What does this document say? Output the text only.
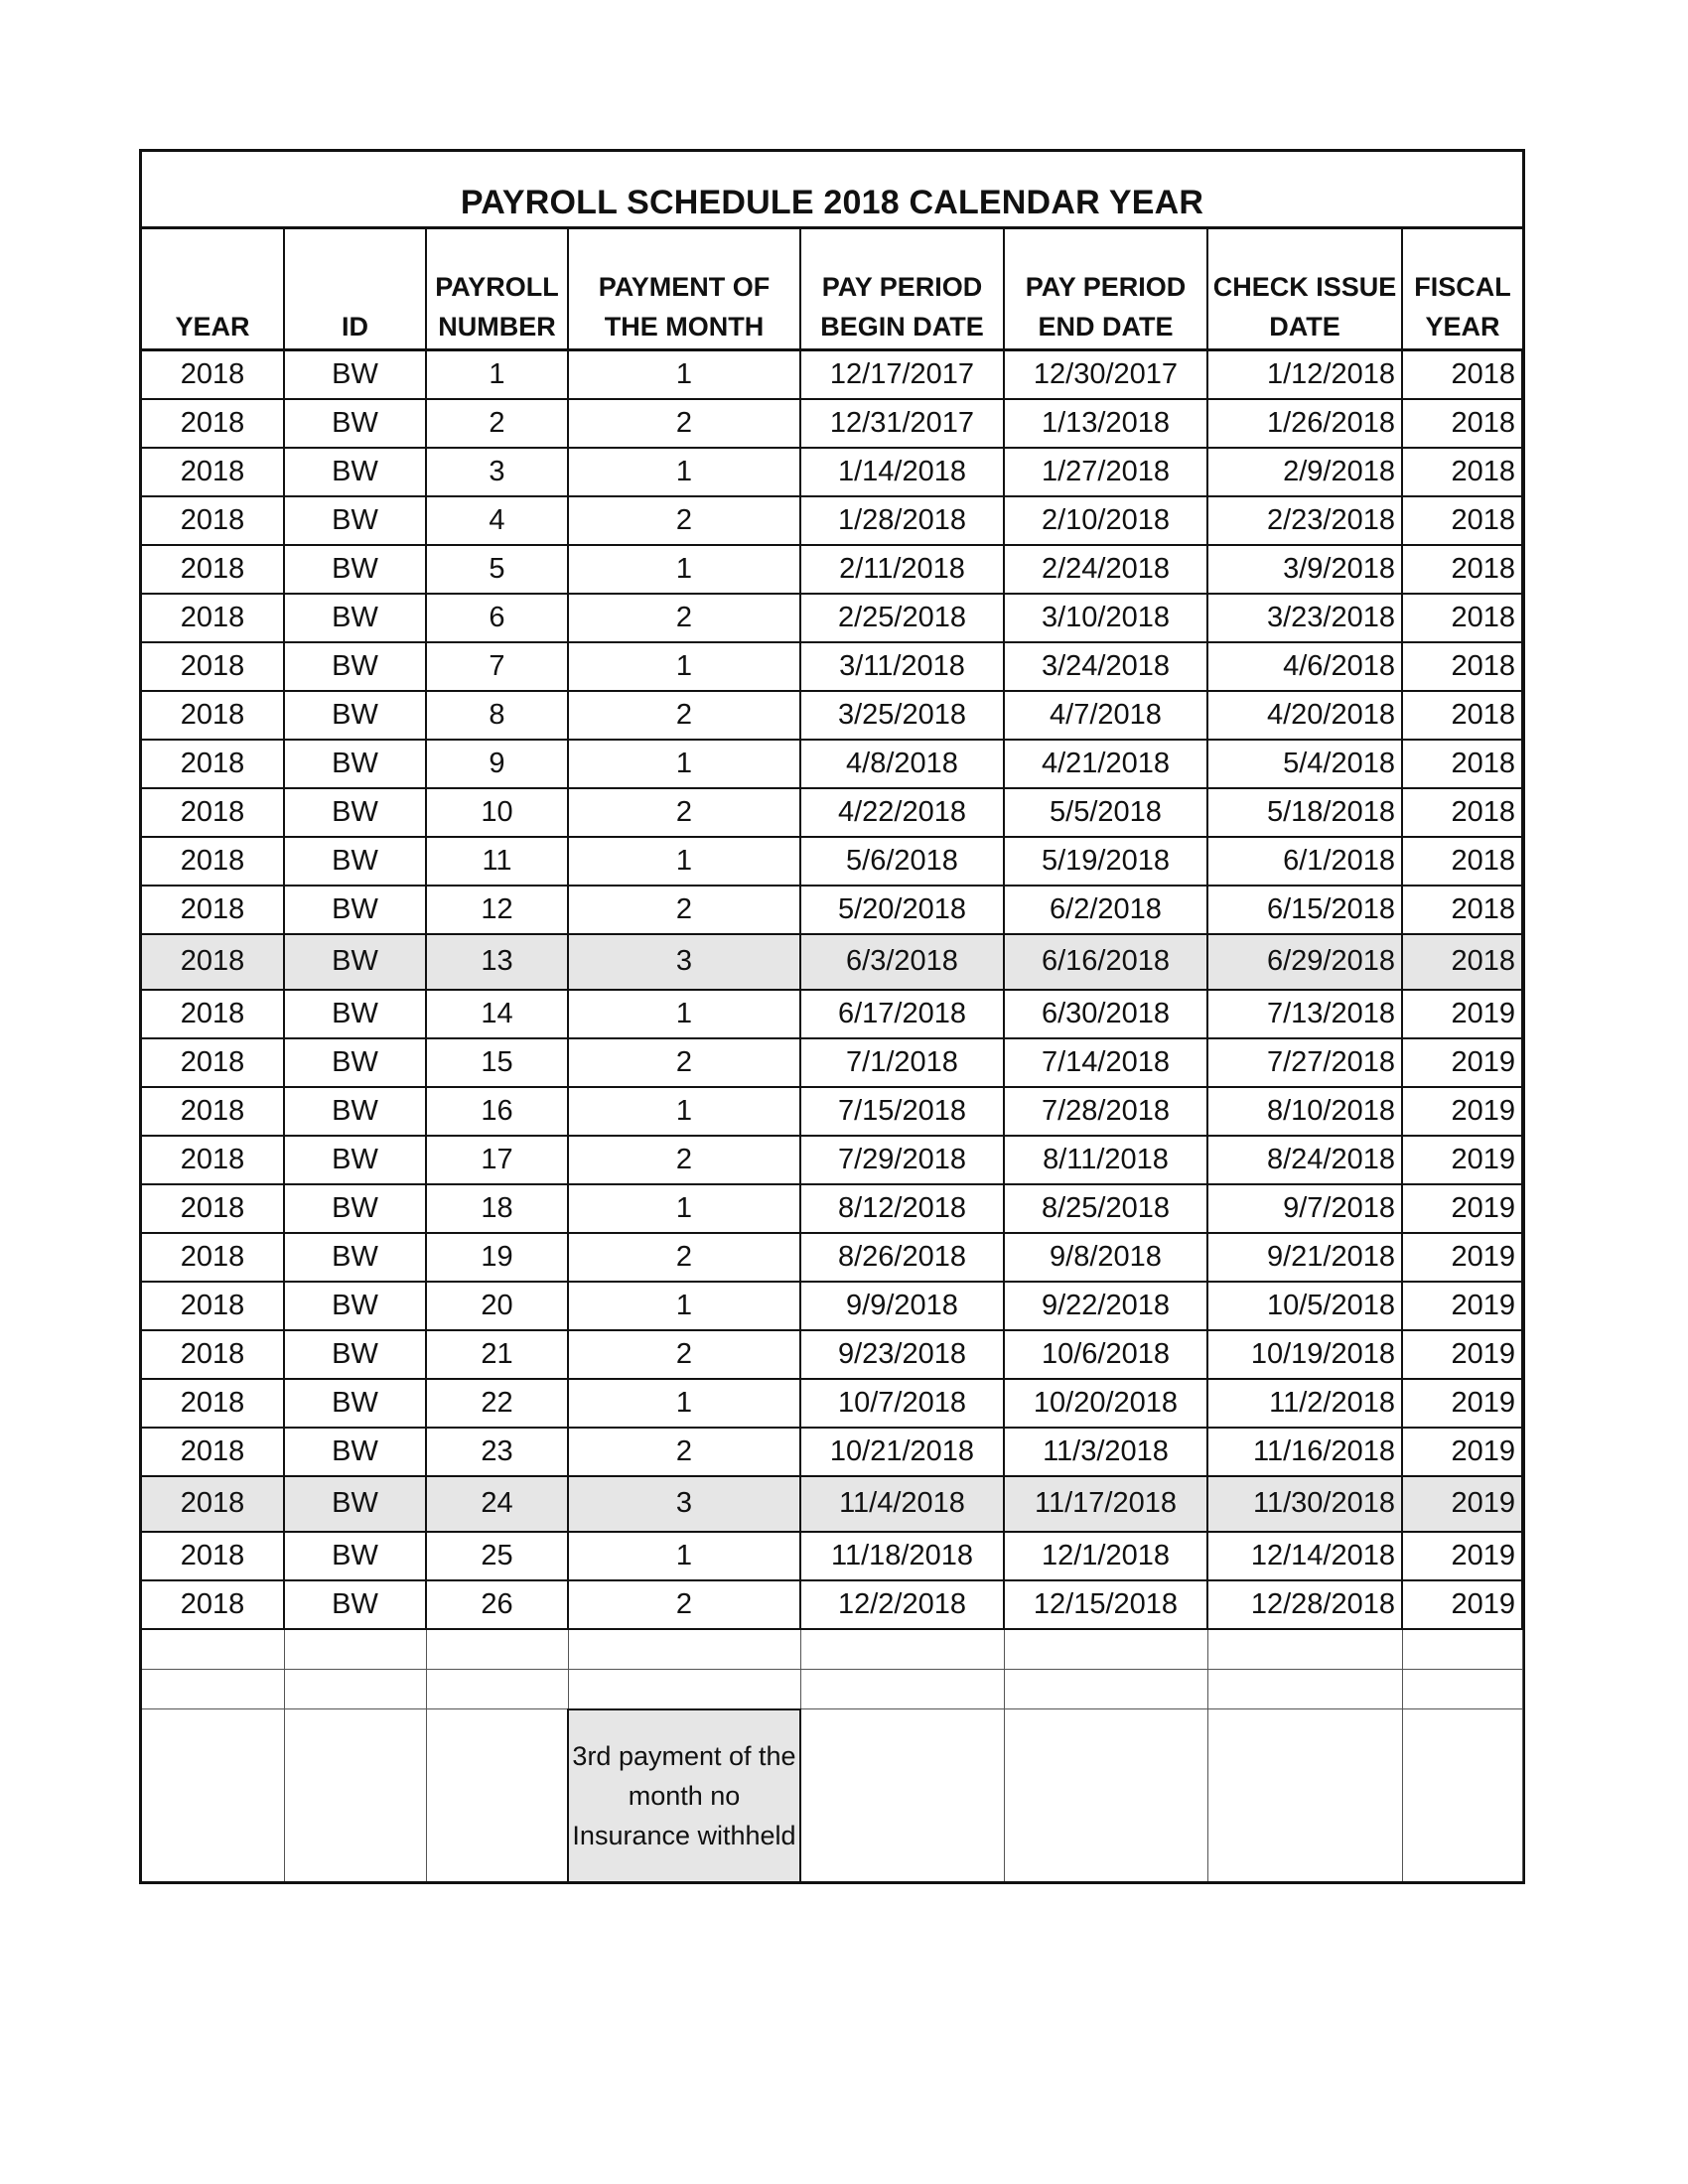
PAYROLL SCHEDULE 2018 CALENDAR YEAR
YEAR	ID	PAYROLL NUMBER	PAYMENT OF THE MONTH	PAY PERIOD BEGIN DATE	PAY PERIOD END DATE	CHECK ISSUE DATE	FISCAL YEAR
2018	BW	1	1	12/17/2017	12/30/2017	1/12/2018	2018
2018	BW	2	2	12/31/2017	1/13/2018	1/26/2018	2018
2018	BW	3	1	1/14/2018	1/27/2018	2/9/2018	2018
2018	BW	4	2	1/28/2018	2/10/2018	2/23/2018	2018
2018	BW	5	1	2/11/2018	2/24/2018	3/9/2018	2018
2018	BW	6	2	2/25/2018	3/10/2018	3/23/2018	2018
2018	BW	7	1	3/11/2018	3/24/2018	4/6/2018	2018
2018	BW	8	2	3/25/2018	4/7/2018	4/20/2018	2018
2018	BW	9	1	4/8/2018	4/21/2018	5/4/2018	2018
2018	BW	10	2	4/22/2018	5/5/2018	5/18/2018	2018
2018	BW	11	1	5/6/2018	5/19/2018	6/1/2018	2018
2018	BW	12	2	5/20/2018	6/2/2018	6/15/2018	2018
2018	BW	13	3	6/3/2018	6/16/2018	6/29/2018	2018
2018	BW	14	1	6/17/2018	6/30/2018	7/13/2018	2019
2018	BW	15	2	7/1/2018	7/14/2018	7/27/2018	2019
2018	BW	16	1	7/15/2018	7/28/2018	8/10/2018	2019
2018	BW	17	2	7/29/2018	8/11/2018	8/24/2018	2019
2018	BW	18	1	8/12/2018	8/25/2018	9/7/2018	2019
2018	BW	19	2	8/26/2018	9/8/2018	9/21/2018	2019
2018	BW	20	1	9/9/2018	9/22/2018	10/5/2018	2019
2018	BW	21	2	9/23/2018	10/6/2018	10/19/2018	2019
2018	BW	22	1	10/7/2018	10/20/2018	11/2/2018	2019
2018	BW	23	2	10/21/2018	11/3/2018	11/16/2018	2019
2018	BW	24	3	11/4/2018	11/17/2018	11/30/2018	2019
2018	BW	25	1	11/18/2018	12/1/2018	12/14/2018	2019
2018	BW	26	2	12/2/2018	12/15/2018	12/28/2018	2019

			3rd payment of the month no Insurance withheld				
